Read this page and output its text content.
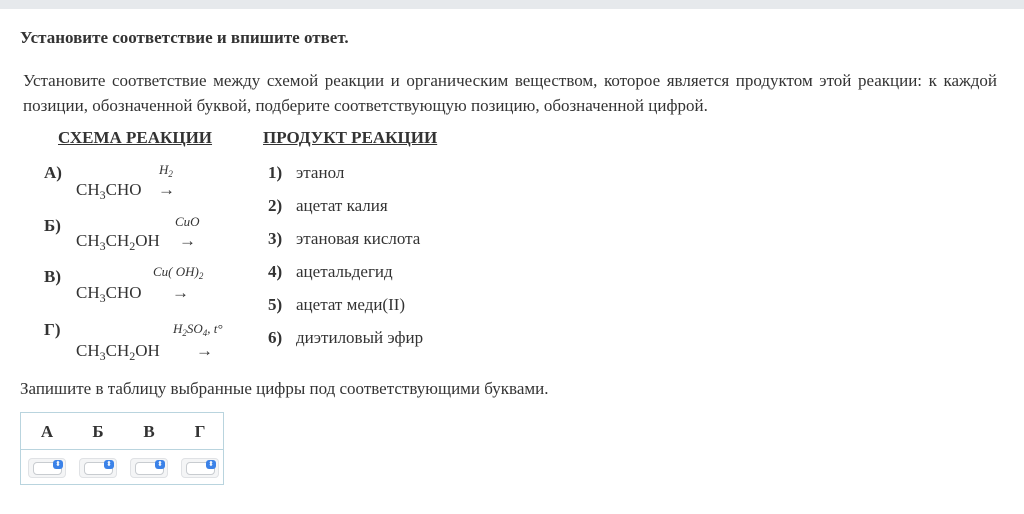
Установите соответствие и впишите ответ.
Установите соответствие между схемой реакции и органическим веществом, которое является продуктом этой реакции: к каждой позиции, обозначенной буквой, подберите соответствующую позицию, обозначенной цифрой.
СХЕМА РЕАКЦИИ	ПРОДУКТ РЕАКЦИИ
А)	$H_2$
$CH_3CHO$ →
Б)	CuO
$CH_3CH_2OH$ →
В)	Cu( $OH)_2$
$CH_3CHO$ →
Г)	$H_2SO_4$, t°
$CH_3CH_2OH$ →
1) этанол
2) ацетат калия
3) этановая кислота
4) ацетальдегид
5) ацетат меди(II)
6) диэтиловый эфир
Запишите в таблицу выбранные цифры под соответствующими буквами.
А	Б	В	Г
⬍	⬍	⬍	⬍
